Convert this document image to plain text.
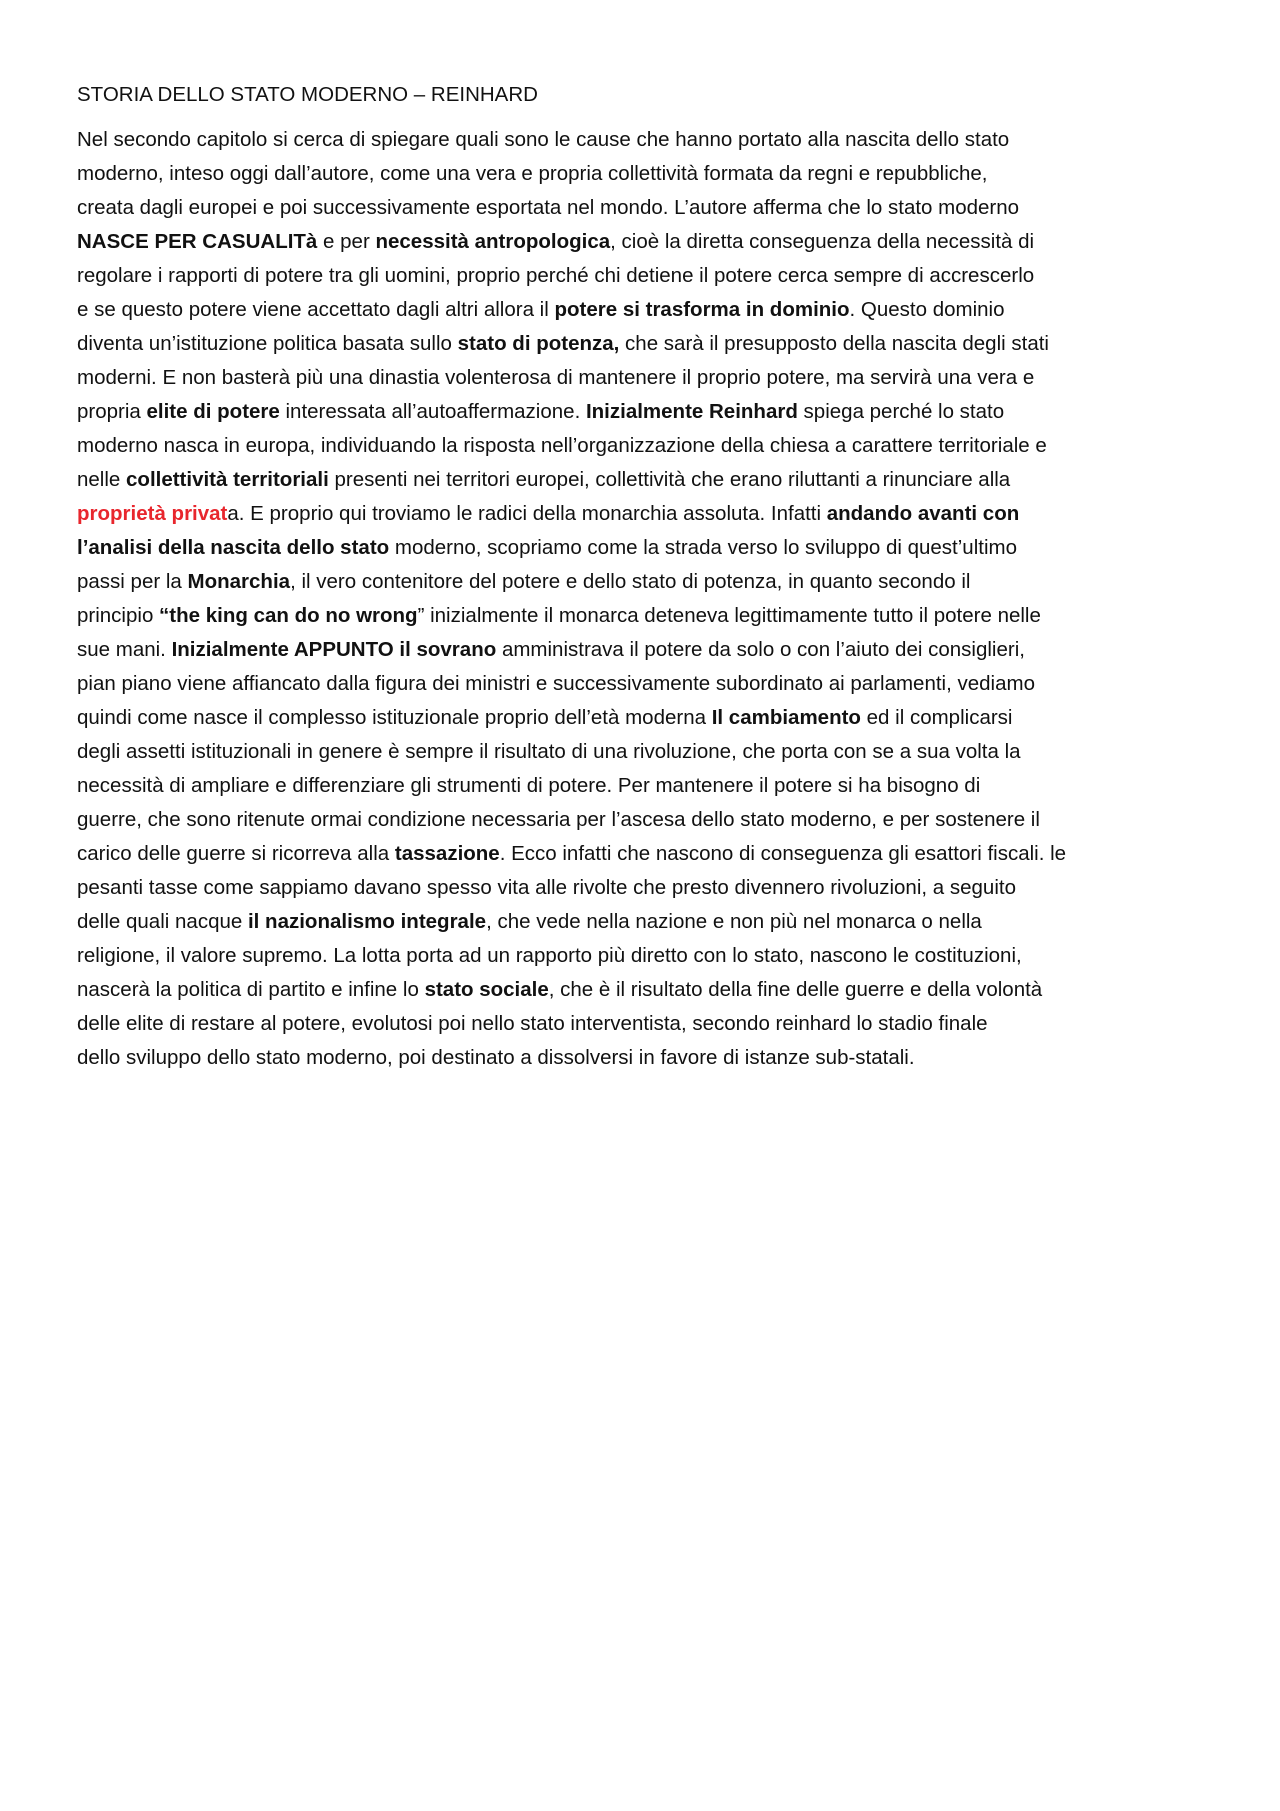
STORIA DELLO STATO MODERNO – REINHARD
Nel secondo capitolo si cerca di spiegare quali sono le cause che hanno portato alla nascita dello stato
moderno, inteso oggi dall’autore, come una vera e propria collettività formata da regni e repubbliche,
creata dagli europei e poi successivamente esportata nel mondo. L’autore afferma che lo stato moderno
NASCE PER CASUALITà e per necessità antropologica, cioè la diretta conseguenza della necessità di
regolare i rapporti di potere tra gli uomini, proprio perché chi detiene il potere cerca sempre di accrescerlo
e se questo potere viene accettato dagli altri allora il potere si trasforma in dominio. Questo dominio
diventa un’istituzione politica basata sullo stato di potenza, che sarà il presupposto della nascita degli stati
moderni. E non basterà più una dinastia volenterosa di mantenere il proprio potere, ma servirà una vera e
propria elite di potere interessata all’autoaffermazione. Inizialmente Reinhard spiega perché lo stato
moderno nasca in europa, individuando la risposta nell’organizzazione della chiesa a carattere territoriale e
nelle collettività territoriali presenti nei territori europei, collettività che erano riluttanti a rinunciare alla
proprietà privata. E proprio qui troviamo le radici della monarchia assoluta. Infatti andando avanti con
l’analisi della nascita dello stato moderno, scopriamo come la strada verso lo sviluppo di quest’ultimo
passi per la Monarchia, il vero contenitore del potere e dello stato di potenza, in quanto secondo il
principio “the king can do no wrong” inizialmente il monarca deteneva legittimamente tutto il potere nelle
sue mani. Inizialmente APPUNTO il sovrano amministrava il potere da solo o con l’aiuto dei consiglieri,
pian piano viene affiancato dalla figura dei ministri e successivamente subordinato ai parlamenti, vediamo
quindi come nasce il complesso istituzionale proprio dell’età moderna Il cambiamento ed il complicarsi
degli assetti istituzionali in genere è sempre il risultato di una rivoluzione, che porta con se a sua volta la
necessità di ampliare e differenziare gli strumenti di potere. Per mantenere il potere si ha bisogno di
guerre, che sono ritenute ormai condizione necessaria per l’ascesa dello stato moderno, e per sostenere il
carico delle guerre si ricorreva alla tassazione. Ecco infatti che nascono di conseguenza gli esattori fiscali. le
pesanti tasse come sappiamo davano spesso vita alle rivolte che presto divennero rivoluzioni, a seguito
delle quali nacque il nazionalismo integrale, che vede nella nazione e non più nel monarca o nella
religione, il valore supremo. La lotta porta ad un rapporto più diretto con lo stato, nascono le costituzioni,
nascerà la politica di partito e infine lo stato sociale, che è il risultato della fine delle guerre e della volontà
delle elite di restare al potere, evolutosi poi nello stato interventista, secondo reinhard lo stadio finale
dello sviluppo dello stato moderno, poi destinato a dissolversi in favore di istanze sub-statali.
